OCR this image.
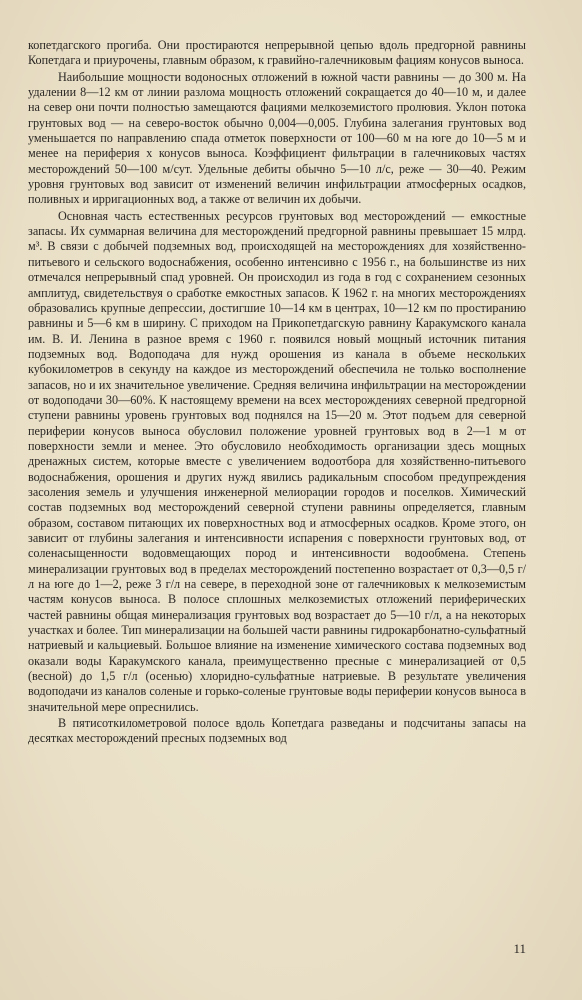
копетдагского прогиба. Они простираются непрерывной цепью вдоль предгорной равнины Копетдага и приурочены, главным образом, к гравийно-галечниковым фациям конусов выноса.

Наибольшие мощности водоносных отложений в южной части равнины — до 300 м. На удалении 8—12 км от линии разлома мощность отложений сокращается до 40—10 м, и далее на север они почти полностью замещаются фациями мелкоземистого пролювия. Уклон потока грунтовых вод — на северо-восток обычно 0,004—0,005. Глубина залегания грунтовых вод уменьшается по направлению спада отметок поверхности от 100—60 м на юге до 10—5 м и менее на периферия х конусов выноса. Коэффициент фильтрации в галечниковых частях месторождений 50—100 м/сут. Удельные дебиты обычно 5—10 л/с, реже — 30—40. Режим уровня грунтовых вод зависит от изменений величин инфильтрации атмосферных осадков, поливных и ирригационных вод, а также от величин их добычи.

Основная часть естественных ресурсов грунтовых вод месторождений — емкостные запасы. Их суммарная величина для месторождений предгорной равнины превышает 15 млрд. м³. В связи с добычей подземных вод, происходящей на месторождениях для хозяйственно-питьевого и сельского водоснабжения, особенно интенсивно с 1956 г., на большинстве из них отмечался непрерывный спад уровней. Он происходил из года в год с сохранением сезонных амплитуд, свидетельствуя о сработке емкостных запасов. К 1962 г. на многих месторождениях образовались крупные депрессии, достигшие 10—14 км в центрах, 10—12 км по простиранию равнины и 5—6 км в ширину. С приходом на Прикопетдагскую равнину Каракумского канала им. В. И. Ленина в разное время с 1960 г. появился новый мощный источник питания подземных вод. Водоподача для нужд орошения из канала в объеме нескольких кубокилометров в секунду на каждое из месторождений обеспечила не только восполнение запасов, но и их значительное увеличение. Средняя величина инфильтрации на месторождении от водоподачи 30—60%. К настоящему времени на всех месторождениях северной предгорной ступени равнины уровень грунтовых вод поднялся на 15—20 м. Этот подъем для северной периферии конусов выноса обусловил положение уровней грунтовых вод в 2—1 м от поверхности земли и менее. Это обусловило необходимость организации здесь мощных дренажных систем, которые вместе с увеличением водоотбора для хозяйственно-питьевого водоснабжения, орошения и других нужд явились радикальным способом предупреждения засоления земель и улучшения инженерной мелиорации городов и поселков. Химический состав подземных вод месторождений северной ступени равнины определяется, главным образом, составом питающих их поверхностных вод и атмосферных осадков. Кроме этого, он зависит от глубины залегания и интенсивности испарения с поверхности грунтовых вод, от соленасыщенности водовмещающих пород и интенсивности водообмена. Степень минерализации грунтовых вод в пределах месторождений постепенно возрастает от 0,3—0,5 г/л на юге до 1—2, реже 3 г/л на севере, в переходной зоне от галечниковых к мелкоземистым частям конусов выноса. В полосе сплошных мелкоземистых отложений периферических частей равнины общая минерализация грунтовых вод возрастает до 5—10 г/л, а на некоторых участках и более. Тип минерализации на большей части равнины гидрокарбонатно-сульфатный натриевый и кальциевый. Большое влияние на изменение химического состава подземных вод оказали воды Каракумского канала, преимущественно пресные с минерализацией от 0,5 (весной) до 1,5 г/л (осенью) хлоридно-сульфатные натриевые. В результате увеличения водоподачи из каналов соленые и горько-соленые грунтовые воды периферии конусов выноса в значительной мере опреснились.

В пятисоткилометровой полосе вдоль Копетдага разведаны и подсчитаны запасы на десятках месторождений пресных подземных вод

11
